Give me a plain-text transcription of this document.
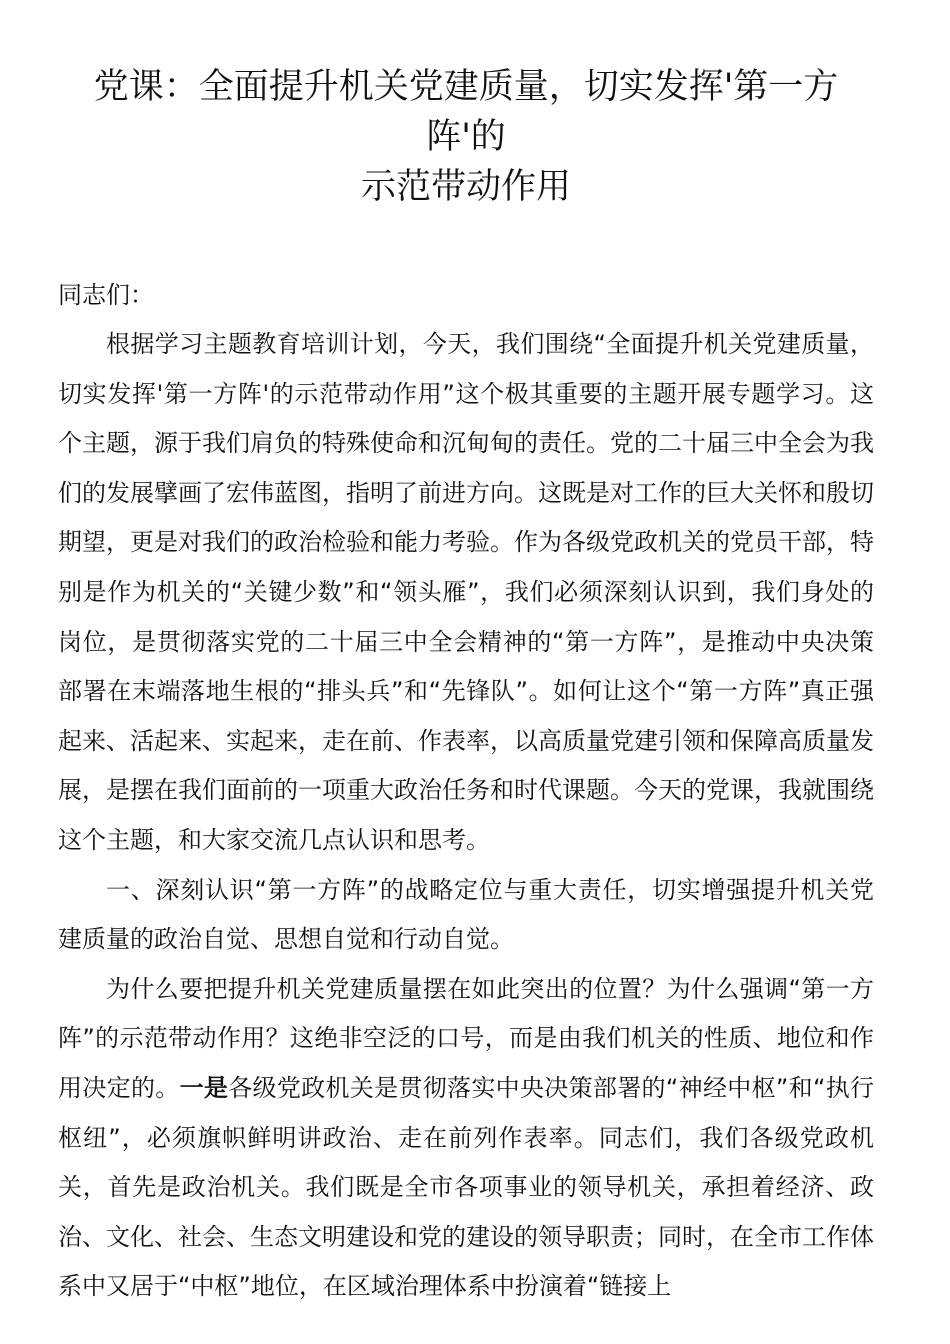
党课：全面提升机关党建质量，切实发挥'第一方阵'的
示范带动作用

同志们：

根据学习主题教育培训计划，今天，我们围绕“全面提升机关党建质量，切实发挥'第一方阵'的示范带动作用”这个极其重要的主题开展专题学习。这个主题，源于我们肩负的特殊使命和沉甸甸的责任。党的二十届三中全会为我们的发展擘画了宏伟蓝图，指明了前进方向。这既是对工作的巨大关怀和殷切期望，更是对我们的政治检验和能力考验。作为各级党政机关的党员干部，特别是作为机关的“关键少数”和“领头雁”，我们必须深刻认识到，我们身处的岗位，是贯彻落实党的二十届三中全会精神的“第一方阵”，是推动中央决策部署在末端落地生根的“排头兵”和“先锋队”。如何让这个“第一方阵”真正强起来、活起来、实起来，走在前、作表率，以高质量党建引领和保障高质量发展，是摆在我们面前的一项重大政治任务和时代课题。今天的党课，我就围绕这个主题，和大家交流几点认识和思考。

一、深刻认识“第一方阵”的战略定位与重大责任，切实增强提升机关党建质量的政治自觉、思想自觉和行动自觉。

为什么要把提升机关党建质量摆在如此突出的位置？为什么强调“第一方阵”的示范带动作用？这绝非空泛的口号，而是由我们机关的性质、地位和作用决定的。一是各级党政机关是贯彻落实中央决策部署的“神经中枢”和“执行枢纽”，必须旗帜鲜明讲政治、走在前列作表率。同志们，我们各级党政机关，首先是政治机关。我们既是全市各项事业的领导机关，承担着经济、政治、文化、社会、生态文明建设和党的建设的领导职责；同时，在全市工作体系中又居于“中枢”地位，在区域治理体系中扮演着“链接上
